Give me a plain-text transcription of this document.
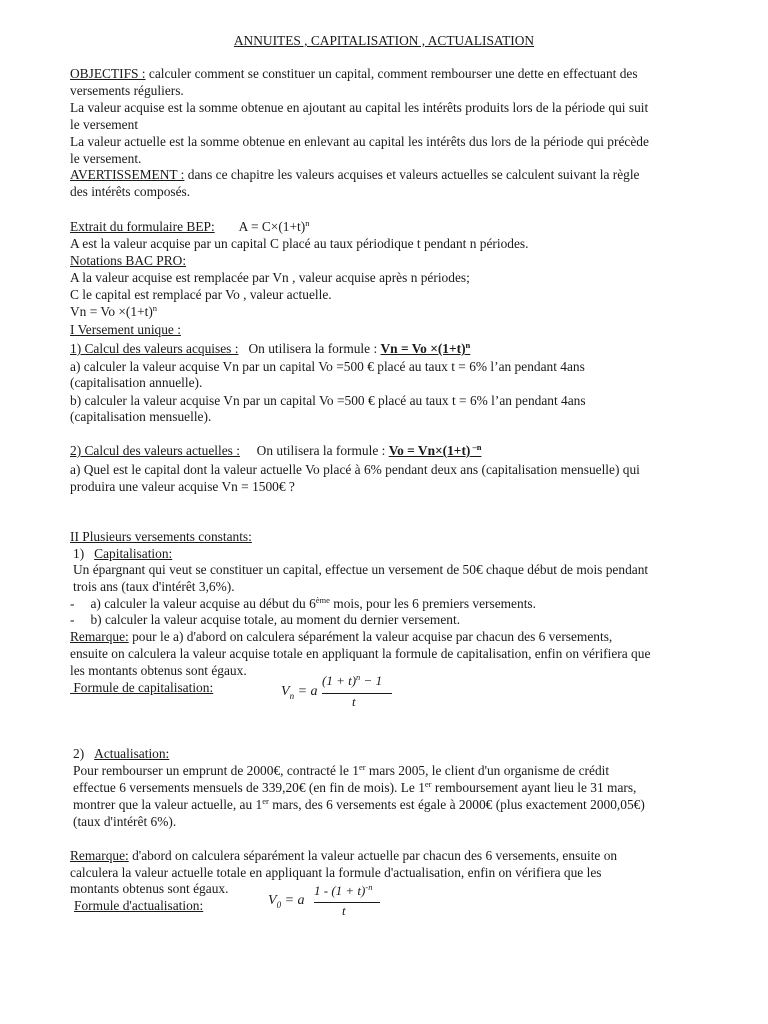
ANNUITES , CAPITALISATION , ACTUALISATION
OBJECTIFS : calculer comment se constituer un capital, comment rembourser une dette en effectuant des
versements réguliers.
La valeur acquise est la somme obtenue en ajoutant au capital les intérêts produits lors de la période qui suit
le versement
La valeur actuelle est la somme obtenue en enlevant au capital les intérêts dus lors de la période qui précède
le versement.
AVERTISSEMENT : dans ce chapitre les valeurs acquises et valeurs actuelles se calculent suivant la règle
des intérêts composés.
Extrait du formulaire BEP: $A = C\times(1+t)^n$
A est la valeur acquise par un capital C placé au taux périodique t pendant n périodes.
Notations BAC PRO:
A la valeur acquise est remplacée par Vn , valeur acquise après n périodes;
C le capital est remplacé par Vo , valeur actuelle.
$Vn = Vo \times(1+t)^n$
I Versement unique :
1) Calcul des valeurs acquises :   On utilisera la formule : $Vn = Vo \times(1+t)^n$
a) calculer la valeur acquise Vn par un capital Vo =500 € placé au taux t = 6% l’an pendant 4ans
(capitalisation annuelle).
b) calculer la valeur acquise Vn par un capital Vo =500 € placé au taux t = 6% l’an pendant 4ans
(capitalisation mensuelle).
2) Calcul des valeurs actuelles :     On utilisera la formule : Vo = Vn×(1+t) $^{-n}$
a) Quel est le capital dont la valeur actuelle Vo placé à 6% pendant deux ans (capitalisation mensuelle) qui
produira une valeur acquise Vn = 1500€ ?
II Plusieurs versements constants:
1) Capitalisation:
Un épargnant qui veut se constituer un capital, effectue un versement de 50€ chaque début de mois pendant
trois ans (taux d'intérêt 3,6%).
- a) calculer la valeur acquise au début du 6ème mois, pour les 6 premiers versements.
- b) calculer la valeur acquise totale, au moment du dernier versement.
Remarque: pour le a) d'abord on calculera séparément la valeur acquise par chacun des 6 versements,
ensuite on calculera la valeur acquise totale en appliquant la formule de capitalisation, enfin on vérifiera que
les montants obtenus sont égaux.
Formule de capitalisation:	$V_n = a$
$(1 + t)^n - 1$
t
2) Actualisation:
Pour rembourser un emprunt de 2000€, contracté le 1er mars 2005, le client d'un organisme de crédit
effectue 6 versements mensuels de 339,20€ (en fin de mois). Le 1er remboursement ayant lieu le 31 mars,
montrer que la valeur actuelle, au 1er mars, des 6 versements est égale à 2000€ (plus exactement 2000,05€)
(taux d'intérêt 6%).
Remarque: d'abord on calculera séparément la valeur actuelle par chacun des 6 versements, ensuite on
calculera la valeur actuelle totale en appliquant la formule d'actualisation, enfin on vérifiera que les
montants obtenus sont égaux.
Formule d'actualisation:	$V_0 = a$
$1 - (1 + t)^{-n}$
t
